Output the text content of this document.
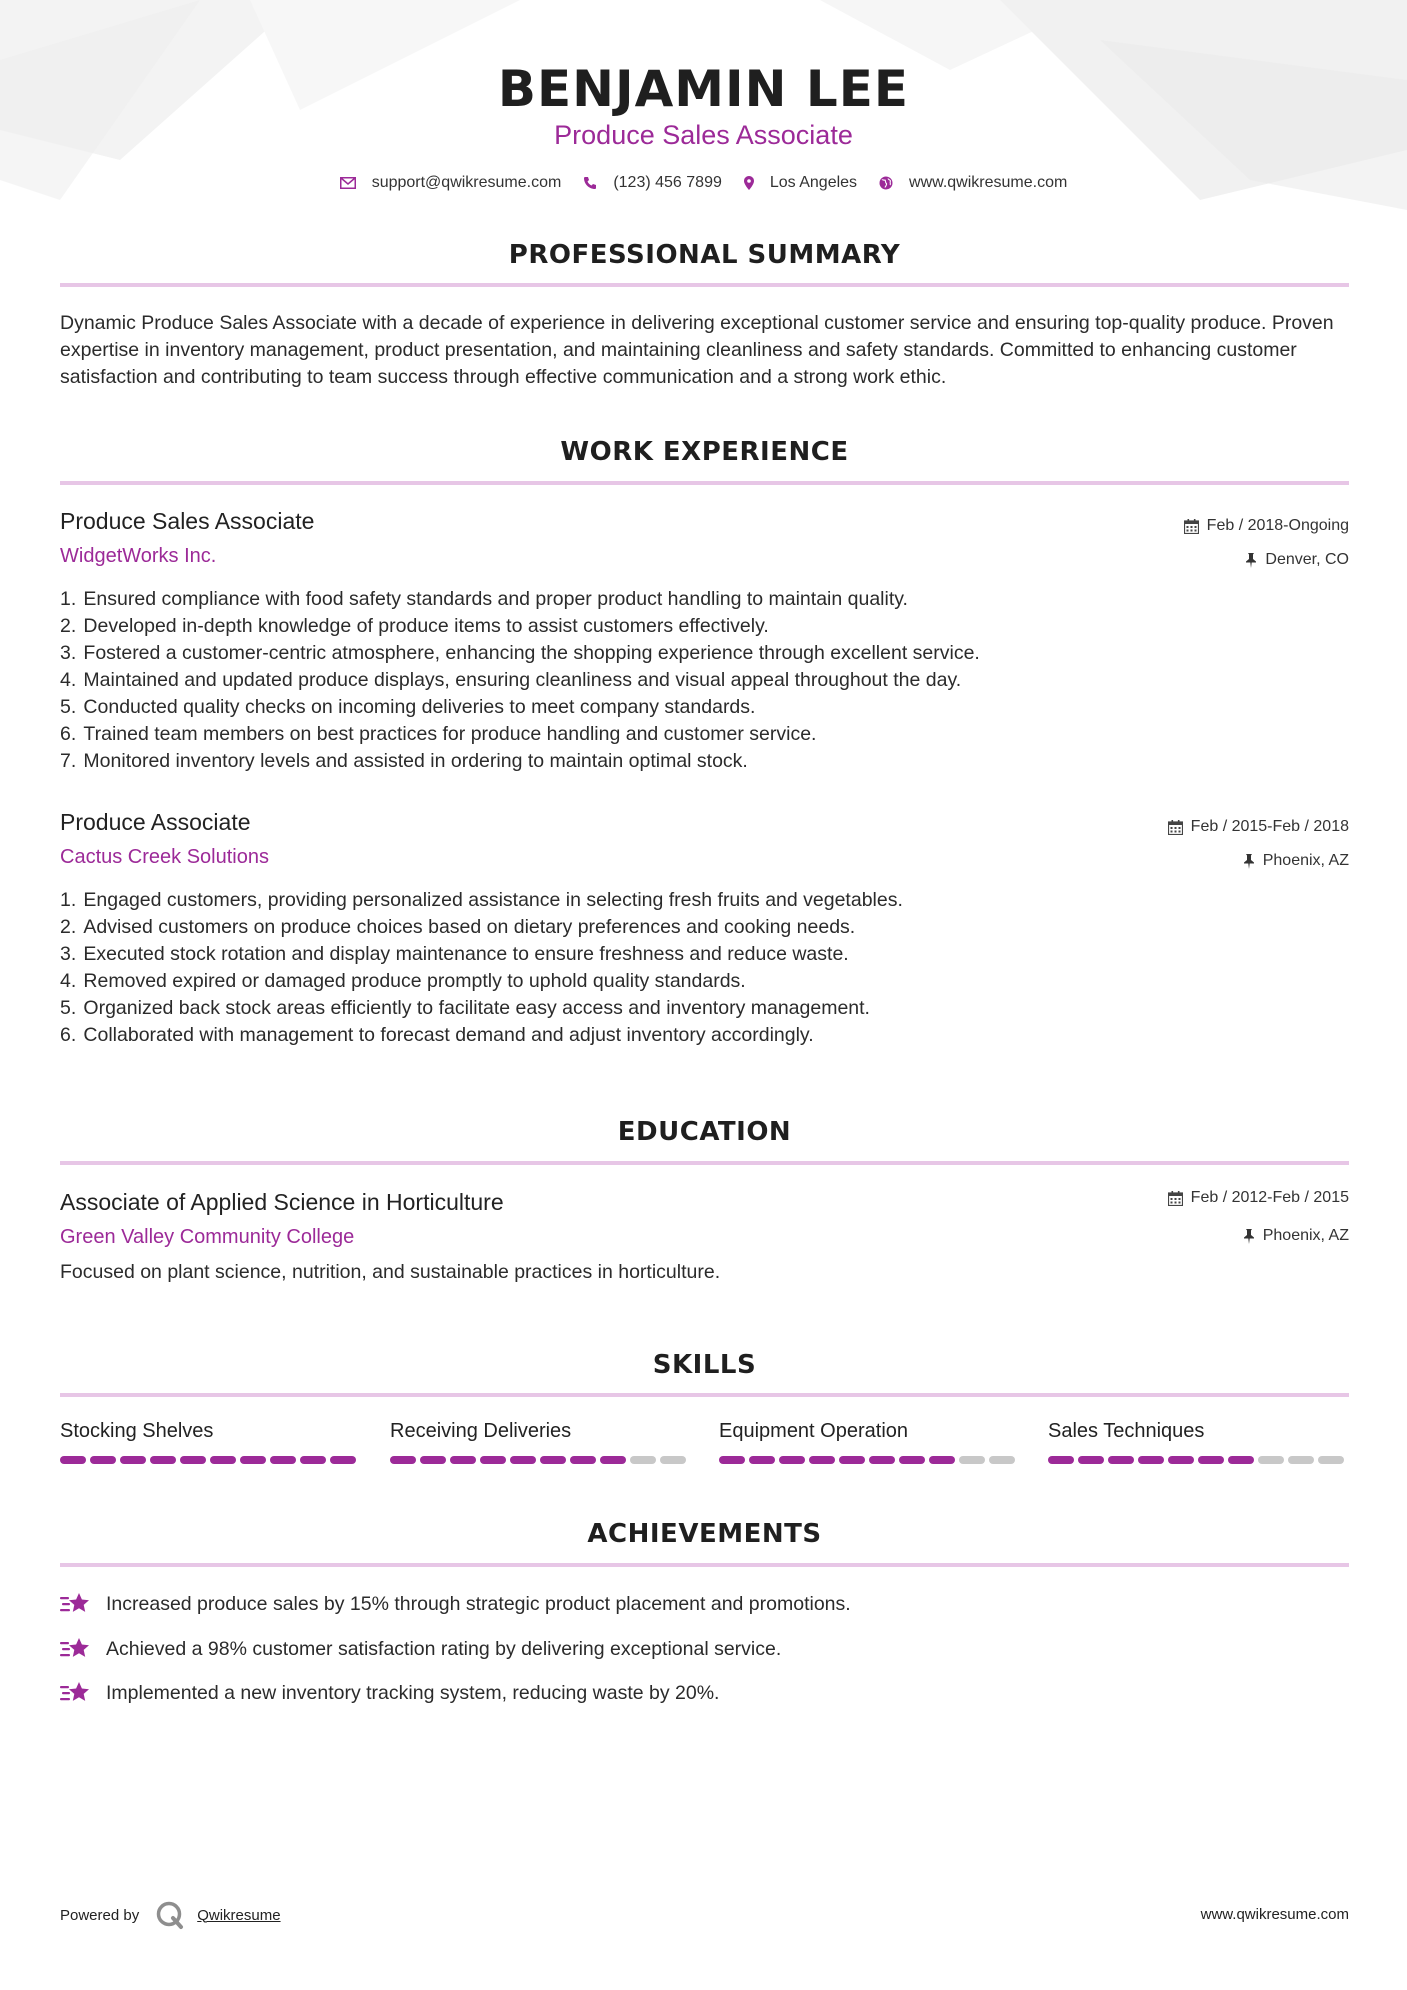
BENJAMIN LEE
Produce Sales Associate
support@qwikresume.com	(123) 456 7899	Los Angeles	www.qwikresume.com
PROFESSIONAL SUMMARY
Dynamic Produce Sales Associate with a decade of experience in delivering exceptional customer service and ensuring top-quality produce. Proven expertise in inventory management, product presentation, and maintaining cleanliness and safety standards. Committed to enhancing customer satisfaction and contributing to team success through effective communication and a strong work ethic.
WORK EXPERIENCE
Produce Sales Associate
WidgetWorks Inc.
Feb / 2018-Ongoing
Denver, CO
1.
Ensured compliance with food safety standards and proper product handling to maintain quality.
2.
Developed in-depth knowledge of produce items to assist customers effectively.
3.
Fostered a customer-centric atmosphere, enhancing the shopping experience through excellent service.
4.
Maintained and updated produce displays, ensuring cleanliness and visual appeal throughout the day.
5.
Conducted quality checks on incoming deliveries to meet company standards.
6.
Trained team members on best practices for produce handling and customer service.
7.
Monitored inventory levels and assisted in ordering to maintain optimal stock.
Produce Associate
Cactus Creek Solutions
Feb / 2015-Feb / 2018
Phoenix, AZ
1.
Engaged customers, providing personalized assistance in selecting fresh fruits and vegetables.
2.
Advised customers on produce choices based on dietary preferences and cooking needs.
3.
Executed stock rotation and display maintenance to ensure freshness and reduce waste.
4.
Removed expired or damaged produce promptly to uphold quality standards.
5.
Organized back stock areas efficiently to facilitate easy access and inventory management.
6.
Collaborated with management to forecast demand and adjust inventory accordingly.
EDUCATION
Associate of Applied Science in Horticulture
Green Valley Community College
Feb / 2012-Feb / 2015
Phoenix, AZ
Focused on plant science, nutrition, and sustainable practices in horticulture.
SKILLS
Stocking Shelves	Receiving Deliveries	Equipment Operation	Sales Techniques
ACHIEVEMENTS
Increased produce sales by 15% through strategic product placement and promotions.
Achieved a 98% customer satisfaction rating by delivering exceptional service.
Implemented a new inventory tracking system, reducing waste by 20%.
Powered by	Qwikresume	www.qwikresume.com
